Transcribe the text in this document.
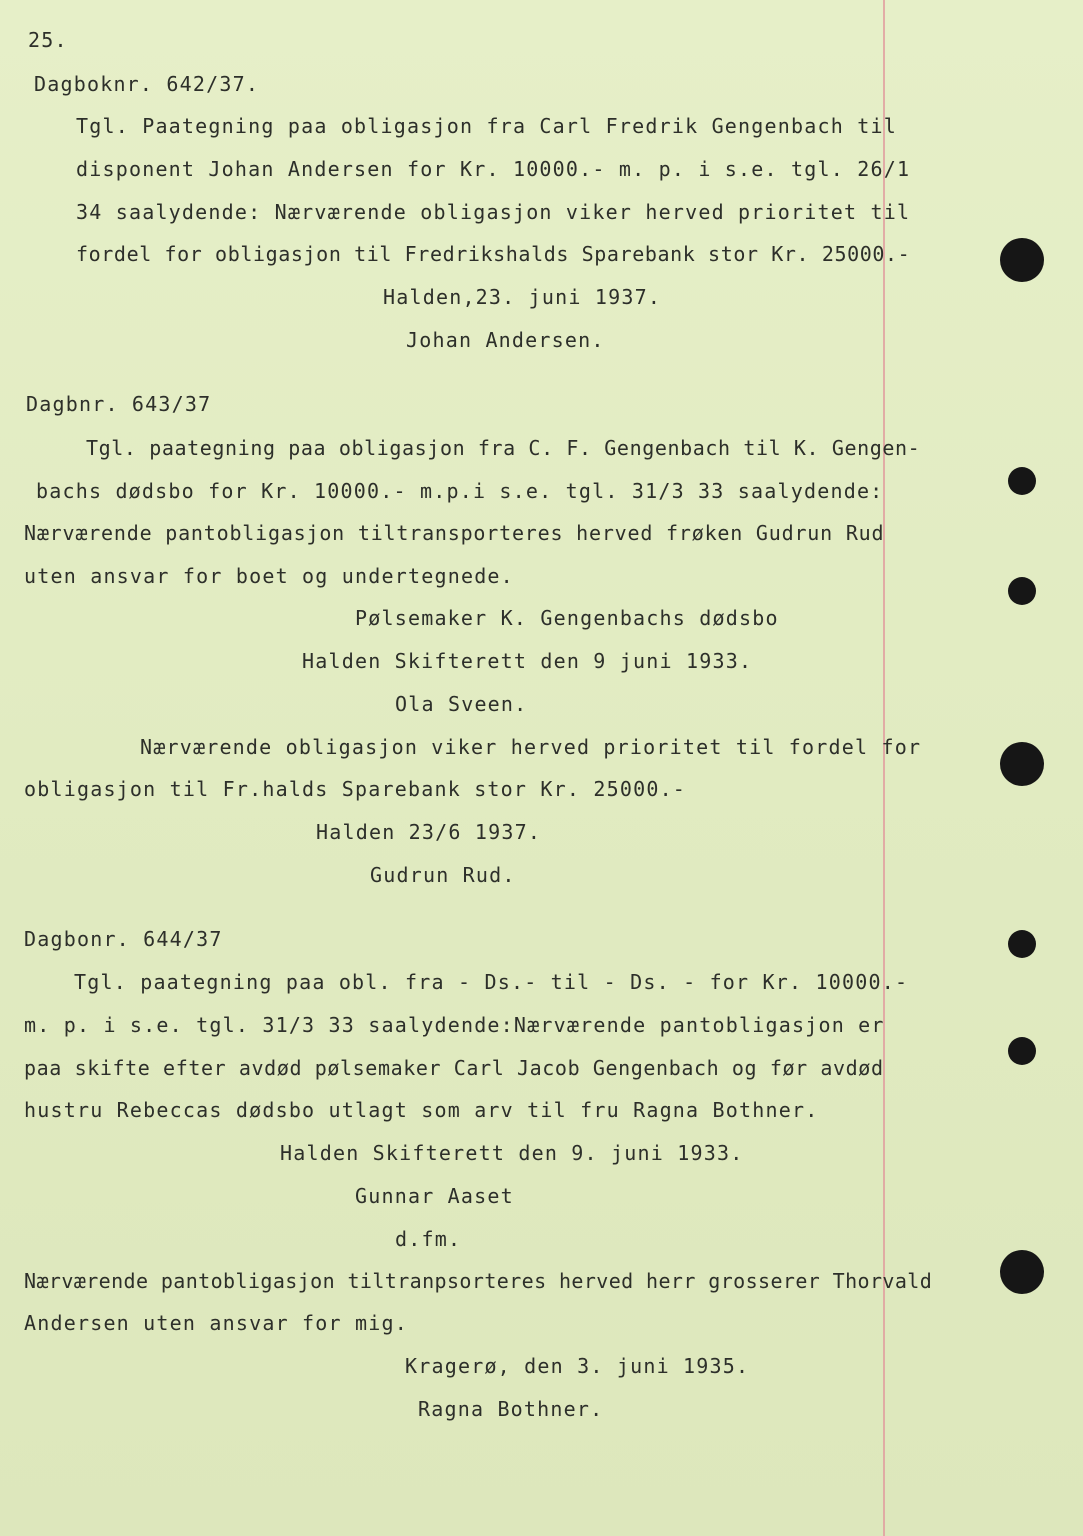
25.
Dagboknr. 642/37.
Tgl. Paategning paa obligasjon fra Carl Fredrik Gengenbach til
disponent Johan Andersen for Kr. 10000.- m. p. i s.e. tgl. 26/1
34 saalydende: Nærværende obligasjon viker herved prioritet til
fordel for obligasjon til Fredrikshalds Sparebank stor Kr. 25000.-
Halden,23. juni 1937.
Johan Andersen.
Dagbnr. 643/37
Tgl. paategning paa obligasjon fra C. F. Gengenbach til K. Gengen-
bachs dødsbo for Kr. 10000.- m.p.i s.e. tgl. 31/3 33 saalydende:
Nærværende pantobligasjon tiltransporteres herved frøken Gudrun Rud
uten ansvar for boet og undertegnede.
Pølsemaker K. Gengenbachs dødsbo
Halden Skifterett den 9 juni 1933.
Ola Sveen.
Nærværende obligasjon viker herved prioritet til fordel for
obligasjon til Fr.halds Sparebank stor Kr. 25000.-
Halden 23/6 1937.
Gudrun Rud.
Dagbonr. 644/37
Tgl. paategning paa obl. fra - Ds.- til - Ds. - for Kr. 10000.-
m. p. i s.e. tgl. 31/3 33 saalydende:Nærværende pantobligasjon er
paa skifte efter avdød pølsemaker Carl Jacob Gengenbach og før avdød
hustru Rebeccas dødsbo utlagt som arv til fru Ragna Bothner.
Halden Skifterett den 9. juni 1933.
Gunnar Aaset
d.fm.
Nærværende pantobligasjon tiltranpsorteres herved herr grosserer Thorvald
Andersen uten ansvar for mig.
Kragerø, den 3. juni 1935.
Ragna Bothner.
